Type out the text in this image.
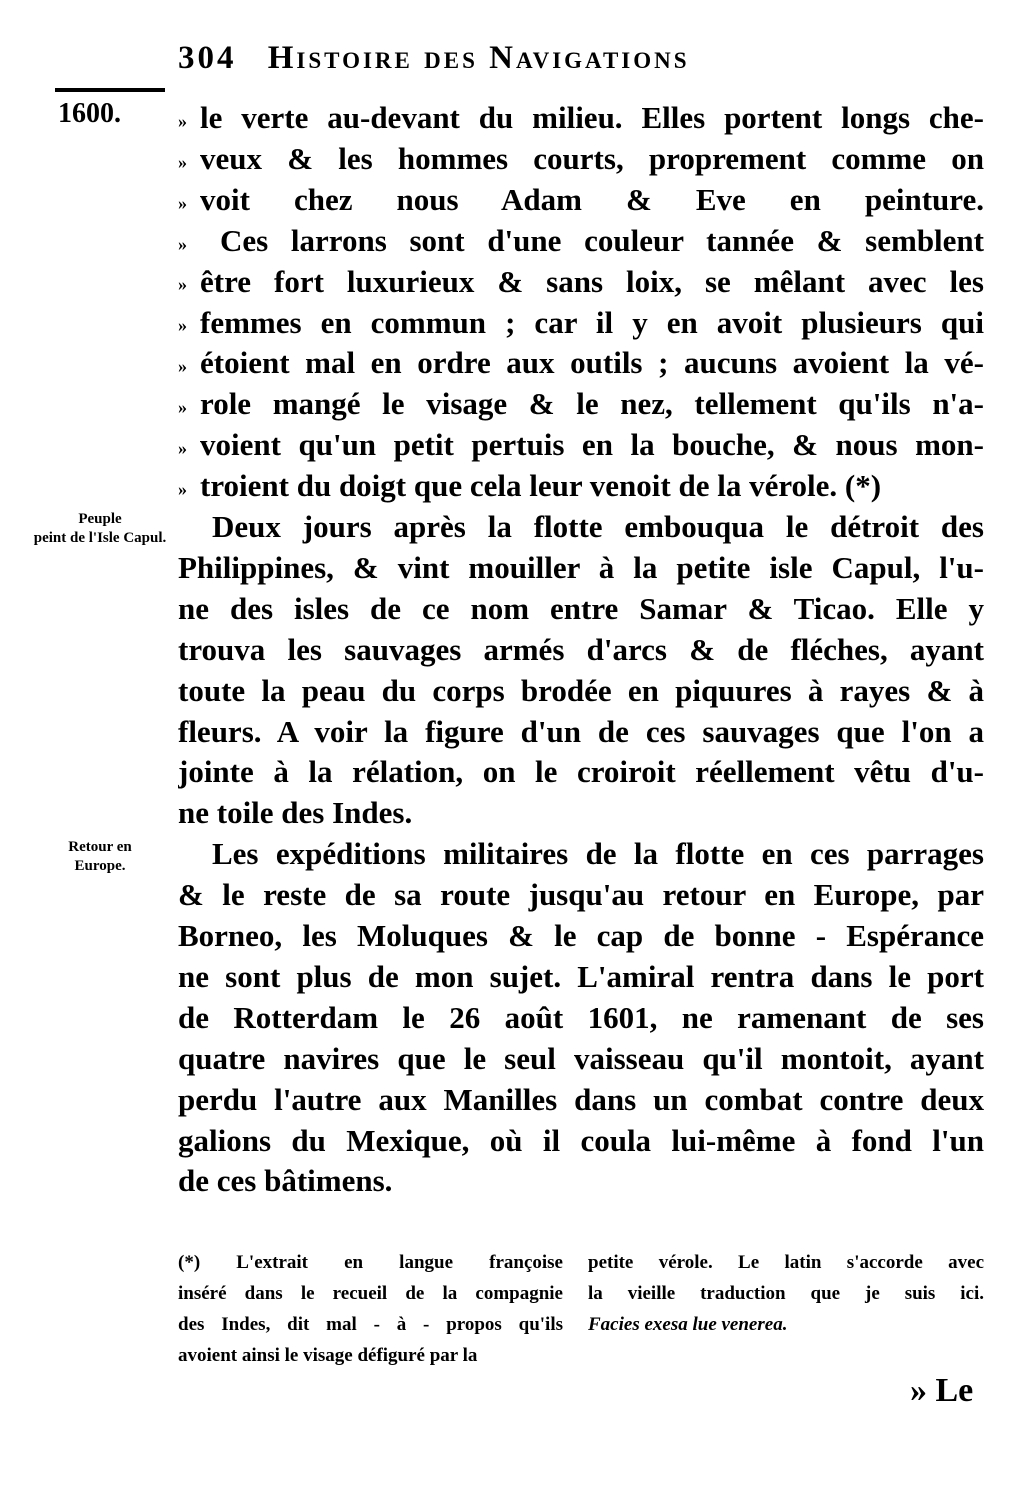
304 Histoire des Navigations
1600.
Peuple
peint de l'Isle Capul.
Retour en
Europe.
» le verte au-devant du milieu. Elles portent longs che-
» veux & les hommes courts, proprement comme on
» voit chez nous Adam & Eve en peinture.
» Ces larrons sont d'une couleur tannée & semblent
» être fort luxurieux & sans loix, se mêlant avec les
» femmes en commun ; car il y en avoit plusieurs qui
» étoient mal en ordre aux outils ; aucuns avoient la vé-
» role mangé le visage & le nez, tellement qu'ils n'a-
» voient qu'un petit pertuis en la bouche, & nous mon-
» troient du doigt que cela leur venoit de la vérole. (*)
Deux jours après la flotte embouqua le détroit des
Philippines, & vint mouiller à la petite isle Capul, l'u-
ne des isles de ce nom entre Samar & Ticao. Elle y
trouva les sauvages armés d'arcs & de fléches, ayant
toute la peau du corps brodée en piquures à rayes & à
fleurs. A voir la figure d'un de ces sauvages que l'on a
jointe à la rélation, on le croiroit réellement vêtu d'u-
ne toile des Indes.
Les expéditions militaires de la flotte en ces parrages
& le reste de sa route jusqu'au retour en Europe, par
Borneo, les Moluques & le cap de bonne - Espérance
ne sont plus de mon sujet. L'amiral rentra dans le port
de Rotterdam le 26 août 1601, ne ramenant de ses
quatre navires que le seul vaisseau qu'il montoit, ayant
perdu l'autre aux Manilles dans un combat contre deux
galions du Mexique, où il coula lui-même à fond l'un
de ces bâtimens.
(*) L'extrait en langue françoise
inséré dans le recueil de la compagnie
des Indes, dit mal - à - propos qu'ils
avoient ainsi le visage défiguré par la
petite vérole. Le latin s'accorde avec
la vieille traduction que je suis ici.
Facies exesa lue venerea.
» Le
